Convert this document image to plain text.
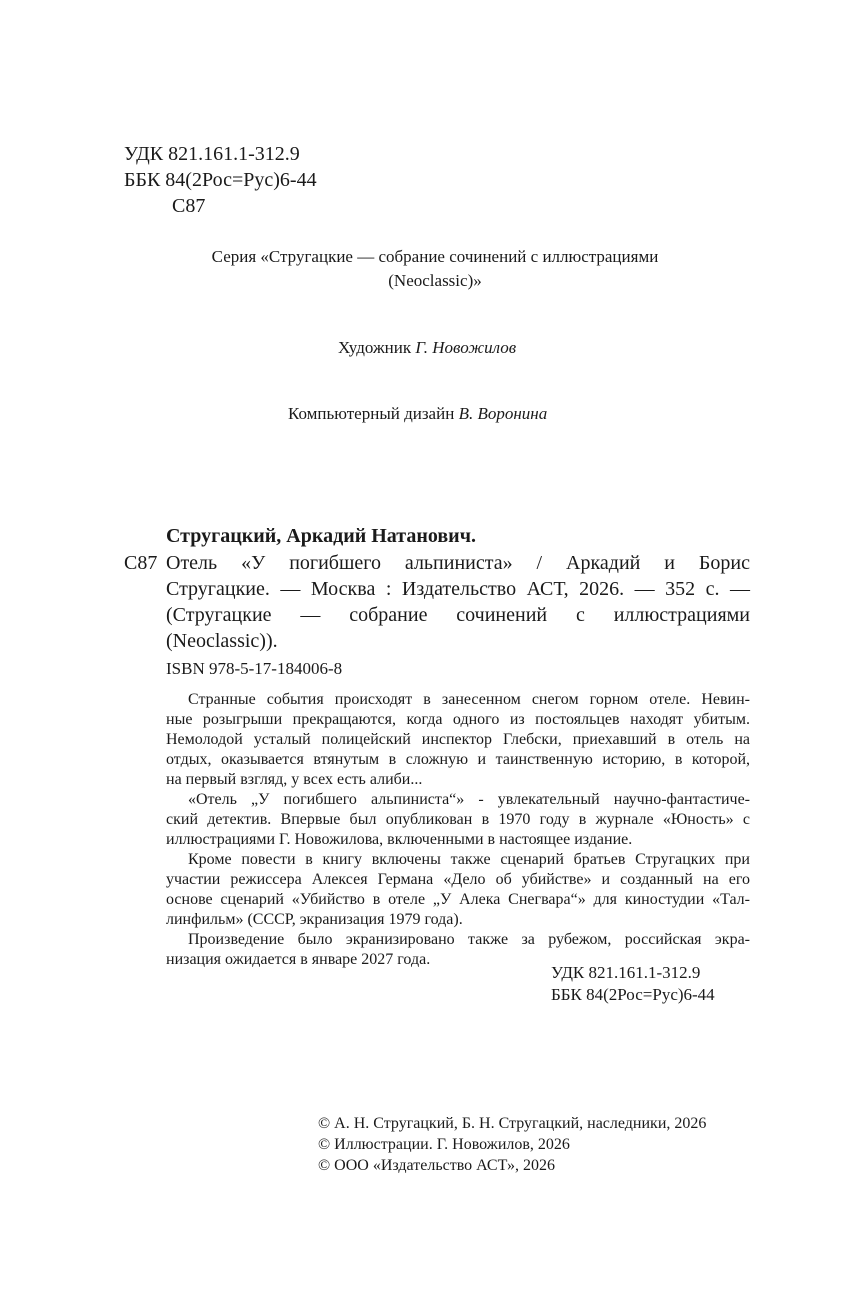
УДК 821.161.1-312.9
ББК 84(2Рос=Рус)6-44
С87
Серия «Стругацкие — собрание сочинений с иллюстрациями
(Neoclassic)»
Художник Г. Новожилов
Компьютерный дизайн В. Воронина
Стругацкий, Аркадий Натанович.
С87 Отель «У погибшего альпиниста» / Аркадий и Борис
Стругацкие. — Москва : Издательство АСТ, 2026. — 352 с. —
(Стругацкие — собрание сочинений с иллюстрациями
(Neoclassic)).
ISBN 978-5-17-184006-8
Странные события происходят в занесенном снегом горном отеле. Невин-
ные розыгрыши прекращаются, когда одного из постояльцев находят убитым.
Немолодой усталый полицейский инспектор Глебски, приехавший в отель на
отдых, оказывается втянутым в сложную и таинственную историю, в которой,
на первый взгляд, у всех есть алиби...
«Отель „У погибшего альпиниста“» - увлекательный научно-фантастиче-
ский детектив. Впервые был опубликован в 1970 году в журнале «Юность» с
иллюстрациями Г. Новожилова, включенными в настоящее издание.
Кроме повести в книгу включены также сценарий братьев Стругацких при
участии режиссера Алексея Германа «Дело об убийстве» и созданный на его
основе сценарий «Убийство в отеле „У Алека Снегвара“» для киностудии «Тал-
линфильм» (СССР, экранизация 1979 года).
Произведение было экранизировано также за рубежом, российская экра-
низация ожидается в январе 2027 года.
УДК 821.161.1-312.9
ББК 84(2Рос=Рус)6-44
© А. Н. Стругацкий, Б. Н. Стругацкий, наследники, 2026
© Иллюстрации. Г. Новожилов, 2026
© ООО «Издательство АСТ», 2026
